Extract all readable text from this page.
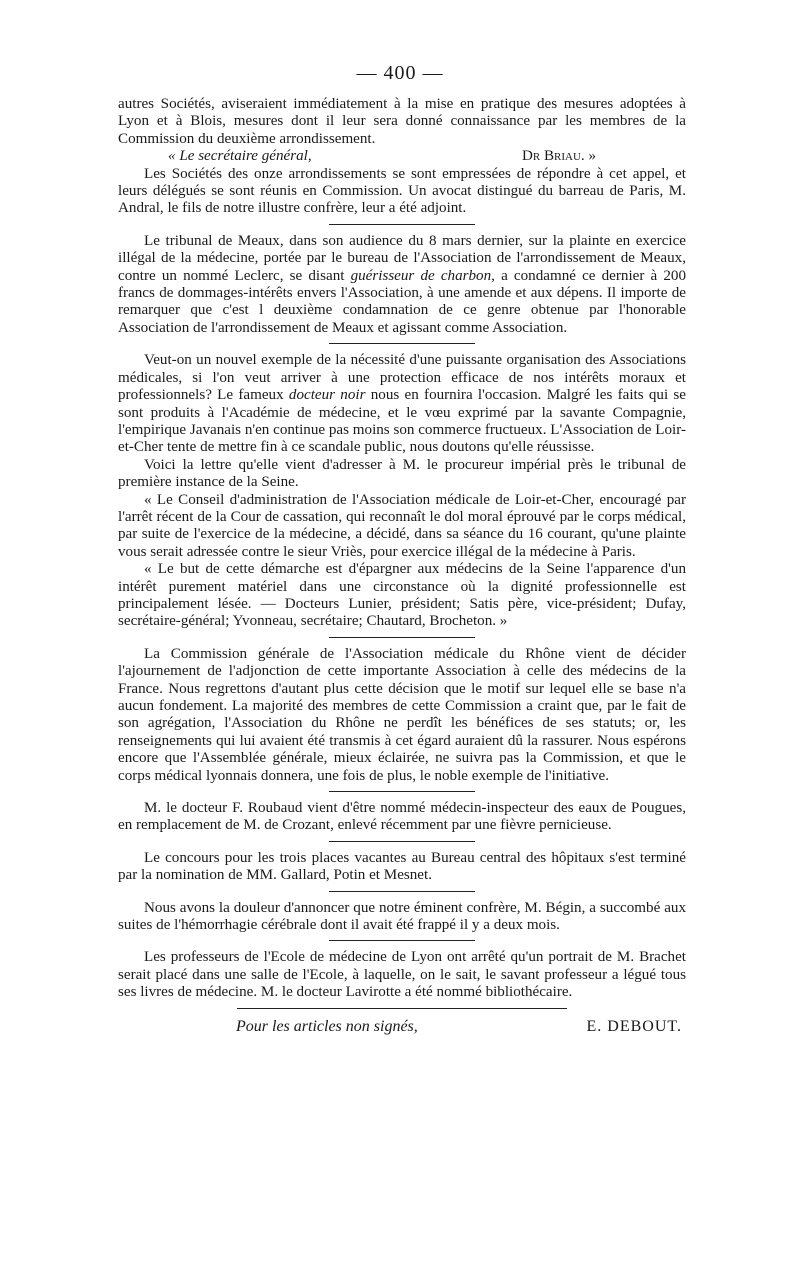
— 400 —

autres Sociétés, aviseraient immédiatement à la mise en pratique des mesures adoptées à Lyon et à Blois, mesures dont il leur sera donné connaissance par les membres de la Commission du deuxième arrondissement.

« Le secrétaire général,	Dr Briau. »

Les Sociétés des onze arrondissements se sont empressées de répondre à cet appel, et leurs délégués se sont réunis en Commission. Un avocat distingué du barreau de Paris, M. Andral, le fils de notre illustre confrère, leur a été adjoint.

Le tribunal de Meaux, dans son audience du 8 mars dernier, sur la plainte en exercice illégal de la médecine, portée par le bureau de l'Association de l'arrondissement de Meaux, contre un nommé Leclerc, se disant guérisseur de charbon, a condamné ce dernier à 200 francs de dommages-intérêts envers l'Association, à une amende et aux dépens. Il importe de remarquer que c'est l deuxième condamnation de ce genre obtenue par l'honorable Association de l'arrondissement de Meaux et agissant comme Association.

Veut-on un nouvel exemple de la nécessité d'une puissante organisation des Associations médicales, si l'on veut arriver à une protection efficace de nos intérêts moraux et professionnels? Le fameux docteur noir nous en fournira l'occasion. Malgré les faits qui se sont produits à l'Académie de médecine, et le vœu exprimé par la savante Compagnie, l'empirique Javanais n'en continue pas moins son commerce fructueux. L'Association de Loir-et-Cher tente de mettre fin à ce scandale public, nous doutons qu'elle réussisse.

Voici la lettre qu'elle vient d'adresser à M. le procureur impérial près le tribunal de première instance de la Seine.

« Le Conseil d'administration de l'Association médicale de Loir-et-Cher, encouragé par l'arrêt récent de la Cour de cassation, qui reconnaît le dol moral éprouvé par le corps médical, par suite de l'exercice de la médecine, a décidé, dans sa séance du 16 courant, qu'une plainte vous serait adressée contre le sieur Vriès, pour exercice illégal de la médecine à Paris.

« Le but de cette démarche est d'épargner aux médecins de la Seine l'apparence d'un intérêt purement matériel dans une circonstance où la dignité professionnelle est principalement lésée. — Docteurs Lunier, président; Satis père, vice-président; Dufay, secrétaire-général; Yvonneau, secrétaire; Chautard, Brocheton. »

La Commission générale de l'Association médicale du Rhône vient de décider l'ajournement de l'adjonction de cette importante Association à celle des médecins de la France. Nous regrettons d'autant plus cette décision que le motif sur lequel elle se base n'a aucun fondement. La majorité des membres de cette Commission a craint que, par le fait de son agrégation, l'Association du Rhône ne perdît les bénéfices de ses statuts; or, les renseignements qui lui avaient été transmis à cet égard auraient dû la rassurer. Nous espérons encore que l'Assemblée générale, mieux éclairée, ne suivra pas la Commission, et que le corps médical lyonnais donnera, une fois de plus, le noble exemple de l'initiative.

M. le docteur F. Roubaud vient d'être nommé médecin-inspecteur des eaux de Pougues, en remplacement de M. de Crozant, enlevé récemment par une fièvre pernicieuse.

Le concours pour les trois places vacantes au Bureau central des hôpitaux s'est terminé par la nomination de MM. Gallard, Potin et Mesnet.

Nous avons la douleur d'annoncer que notre éminent confrère, M. Bégin, a succombé aux suites de l'hémorrhagie cérébrale dont il avait été frappé il y a deux mois.

Les professeurs de l'Ecole de médecine de Lyon ont arrêté qu'un portrait de M. Brachet serait placé dans une salle de l'Ecole, à laquelle, on le sait, le savant professeur a légué tous ses livres de médecine. M. le docteur Lavirotte a été nommé bibliothécaire.

Pour les articles non signés,	E. DEBOUT.
